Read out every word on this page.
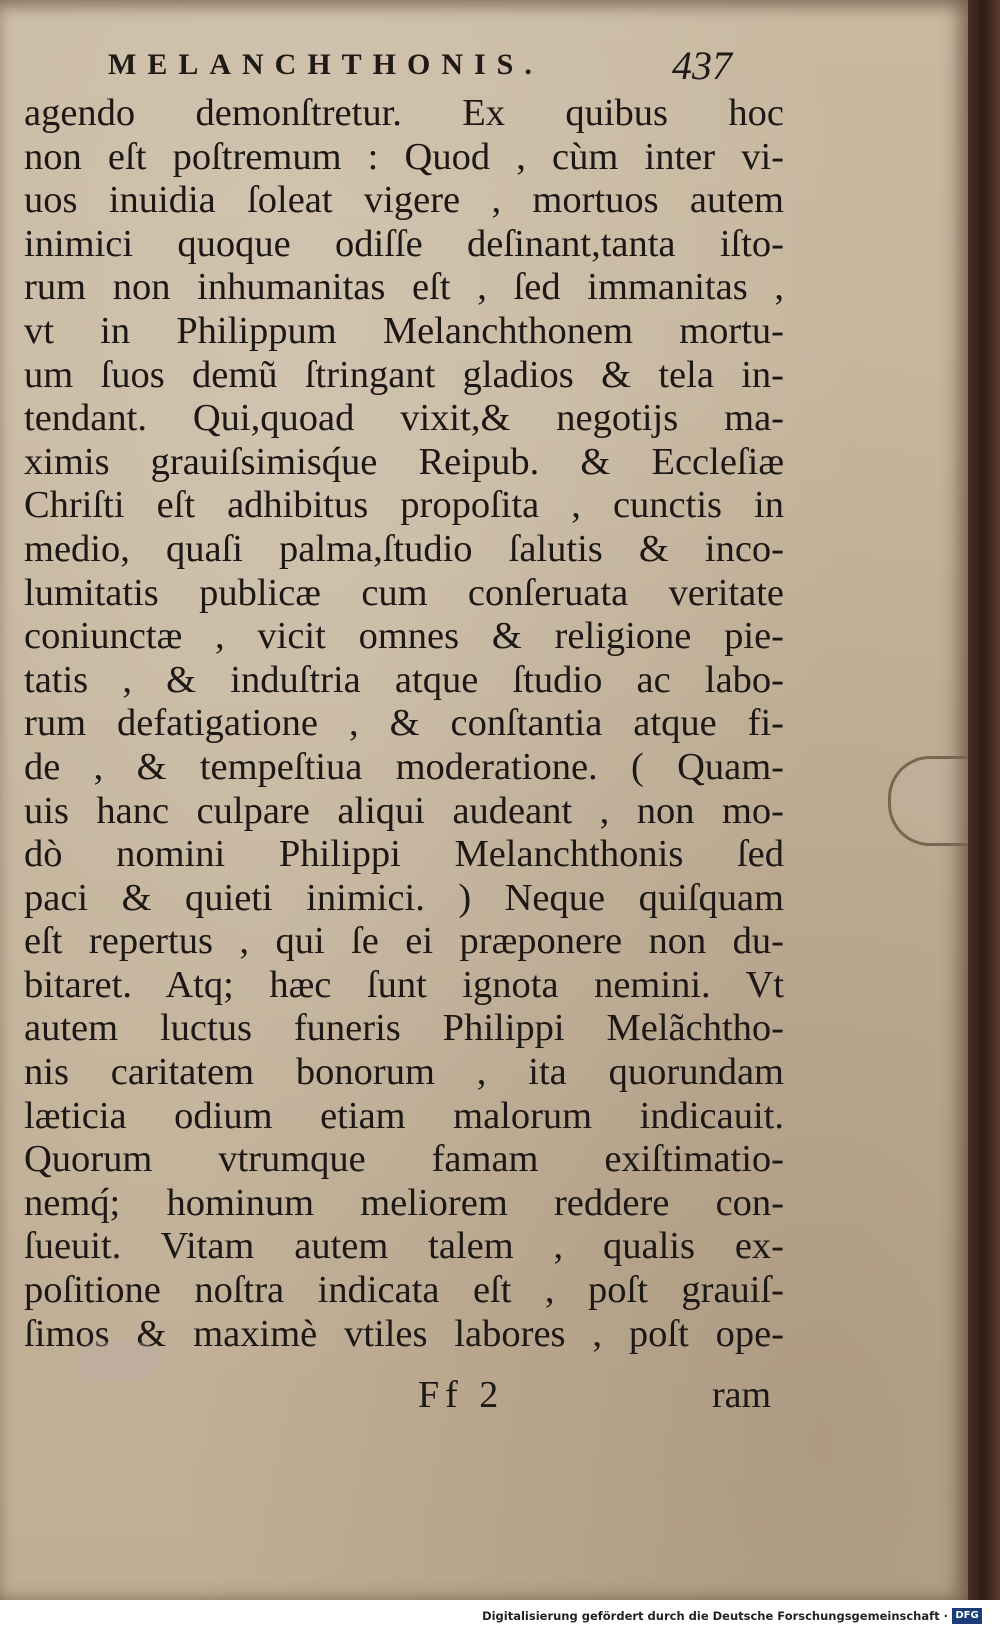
MELANCHTHONIS.	437
agendo demonſtretur. Ex quibus hoc
non eſt poſtremum : Quod , cùm inter vi-
uos inuidia ſoleat vigere , mortuos autem
inimici quoque odiſſe deſinant,tanta iſto-
rum non inhumanitas eſt , ſed immanitas ,
vt in Philippum Melanchthonem mortu-
um ſuos demũ ſtringant gladios & tela in-
tendant. Qui,quoad vixit,& negotijs ma-
ximis grauiſsimisq́ue Reipub. & Eccleſiæ
Chriſti eſt adhibitus propoſita , cunctis in
medio, quaſi palma,ſtudio ſalutis & inco-
lumitatis publicæ cum conſeruata veritate
coniunctæ , vicit omnes & religione pie-
tatis , & induſtria atque ſtudio ac labo-
rum defatigatione , & conſtantia atque fi-
de , & tempeſtiua moderatione. ( Quam-
uis hanc culpare aliqui audeant , non mo-
dò nomini Philippi Melanchthonis ſed
paci & quieti inimici. ) Neque quiſquam
eſt repertus , qui ſe ei præponere non du-
bitaret. Atq; hæc ſunt ignota nemini. Vt
autem luctus funeris Philippi Melãchtho-
nis caritatem bonorum , ita quorundam
læticia odium etiam malorum indicauit.
Quorum vtrumque famam exiſtimatio-
nemq́; hominum meliorem reddere con-
ſueuit. Vitam autem talem , qualis ex-
poſitione noſtra indicata eſt , poſt grauiſ-
ſimos & maximè vtiles labores , poſt ope-
Ff 2	ram
Digitalisierung gefördert durch die Deutsche Forschungsgemeinschaft · DFG
